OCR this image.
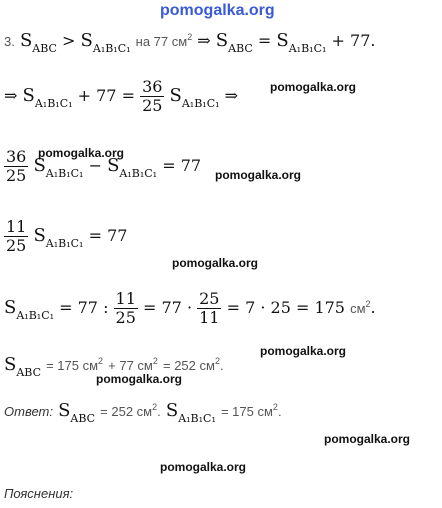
pomogalka.org
3. $S_{ABC} > S_{A_1B_1C_1}$ на 77 $см^2$ ⇒ $S_{ABC} = S_{A_1B_1C_1} + 77$.
⇒ $S_{A_1B_1C_1} + 77 = \frac{36}{25} S_{A_1B_1C_1}$ ⇒	pomogalka.org
$\frac{36}{25} S_{A_1B_1C_1} - S_{A_1B_1C_1} = 77$
pomogalka.org
pomogalka.org
$\frac{11}{25} S_{A_1B_1C_1} = 77$
pomogalka.org
$S_{A_1B_1C_1} = 77$ : $\frac{11}{25} = 77 \cdot \frac{25}{11} = 7 \cdot 25 = 175$ $см^2$.
$S_{ABC} = 175$ $см^2 + 77$ $см^2 = 252$ $см^2$.
pomogalka.org
pomogalka.org
Ответ: $S_{ABC} = 252$ $см^2$. $S_{A_1B_1C_1} = 175$ $см^2$.
pomogalka.org
pomogalka.org
Пояснения:
